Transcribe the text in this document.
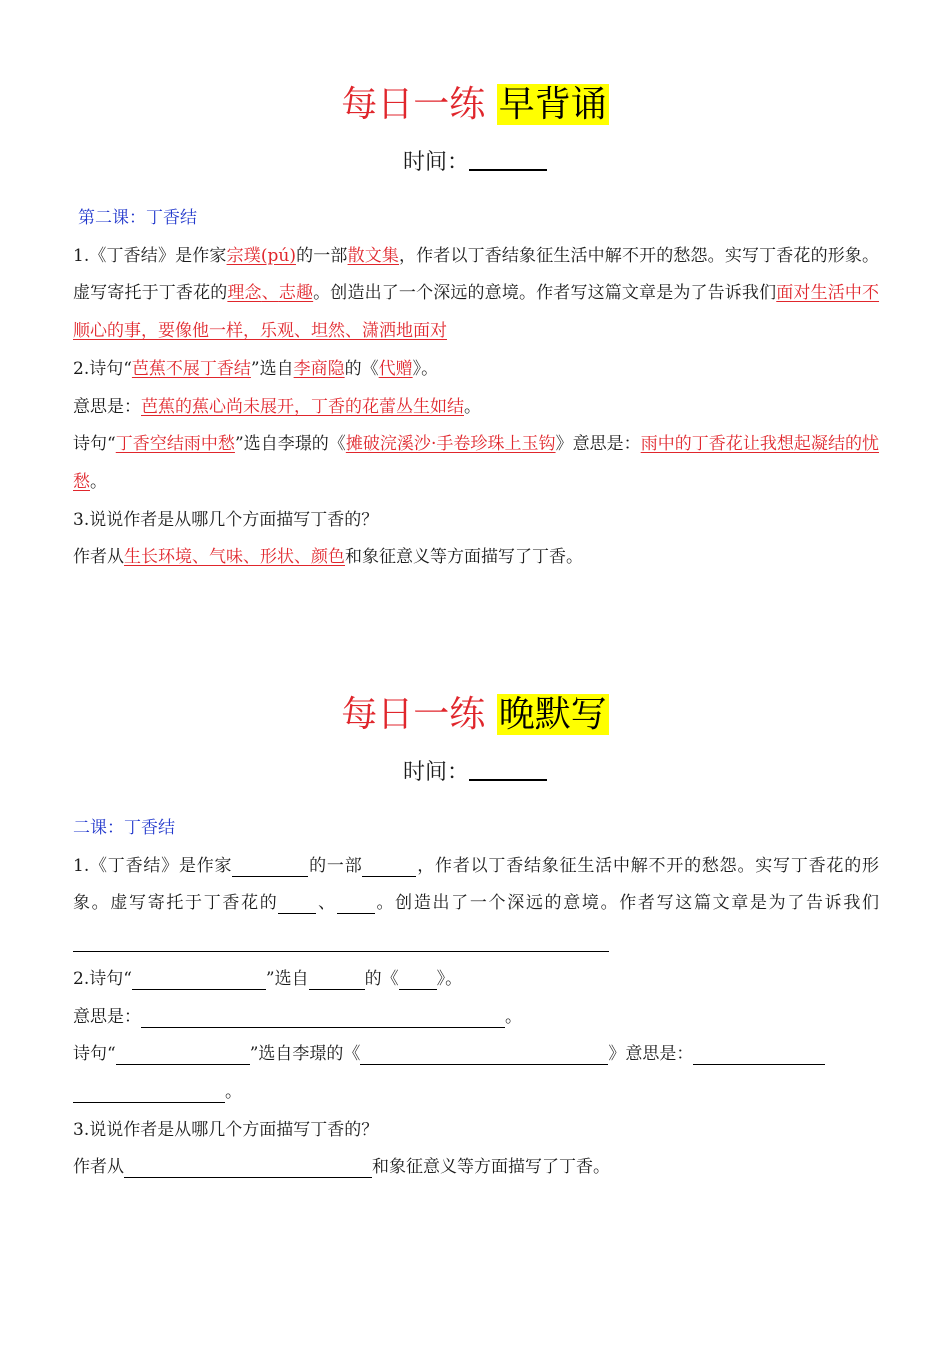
每日一练 早背诵
时间：
第二课：丁香结
1.《丁香结》是作家宗璞(pú)的一部散文集，作者以丁香结象征生活中解不开的愁怨。实写丁香花的形象。虚写寄托于丁香花的理念、志趣。创造出了一个深远的意境。作者写这篇文章是为了告诉我们面对生活中不顺心的事，要像他一样，乐观、坦然、潇洒地面对
2.诗句“芭蕉不展丁香结”选自李商隐的《代赠》。
意思是：芭蕉的蕉心尚未展开，丁香的花蕾丛生如结。
诗句“丁香空结雨中愁”选自李璟的《摊破浣溪沙·手卷珍珠上玉钩》意思是：雨中的丁香花让我想起凝结的忧愁。
3.说说作者是从哪几个方面描写丁香的？
作者从生长环境、气味、形状、颜色和象征意义等方面描写了丁香。
每日一练 晚默写
时间：
二课：丁香结
1.《丁香结》是作家	的一部	，作者以丁香结象征生活中解不开的愁怨。实写丁香花的形象。虚写寄托于丁香花的 、 。创造出了一个深远的意境。作者写这篇文章是为了告诉我们
2.诗句“	”选自	的《 》。
意思是：	。
诗句“	”选自李璟的《	》意思是：
。
3.说说作者是从哪几个方面描写丁香的？
作者从	和象征意义等方面描写了丁香。
